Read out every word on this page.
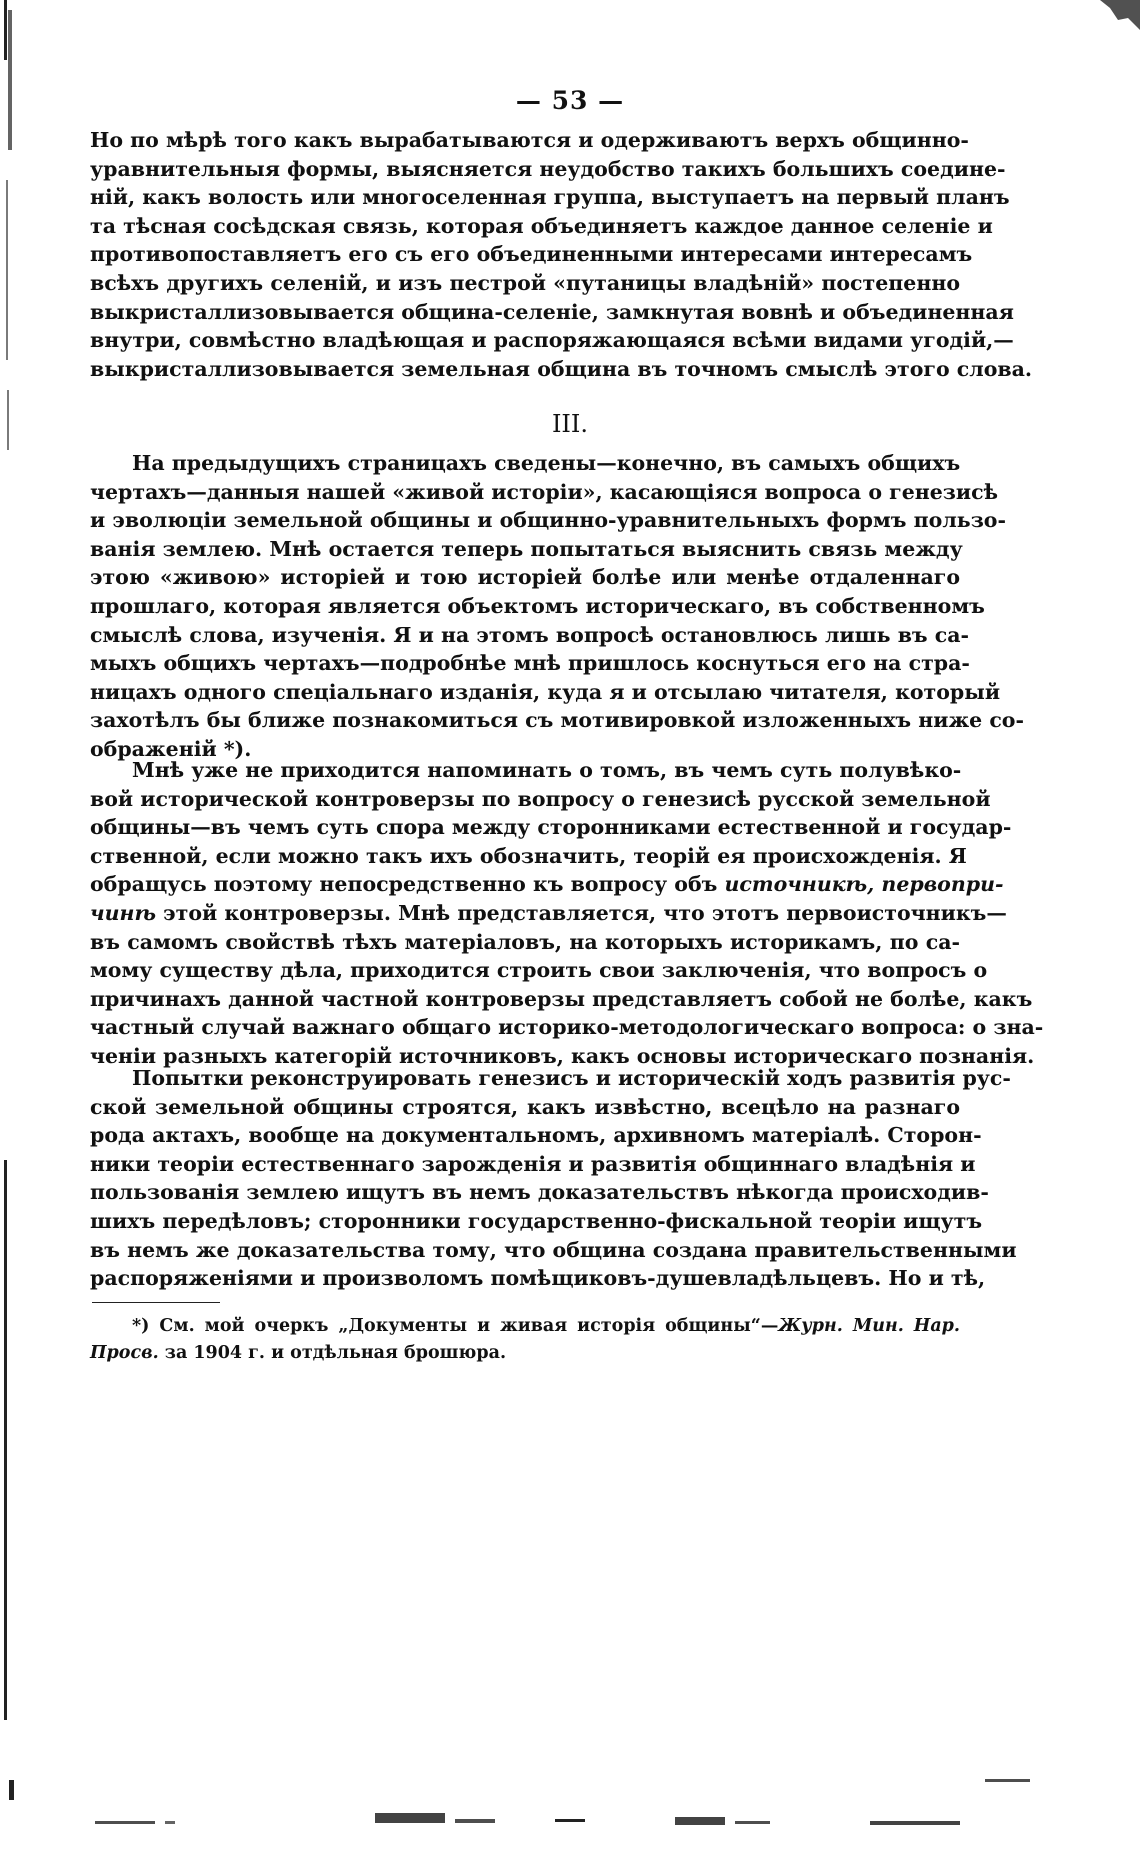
— 53 —
Но по мѣрѣ того какъ вырабатываются и одерживаютъ верхъ общинно-
уравнительныя формы, выясняется неудобство такихъ большихъ соедине-
ній, какъ волость или многоселенная группа, выступаетъ на первый планъ
та тѣсная сосѣдская связь, которая объединяетъ каждое данное селеніе и
противопоставляетъ его съ его объединенными интересами интересамъ
всѣхъ другихъ селеній, и изъ пестрой «путаницы владѣній» постепенно
выкристаллизовывается община-селеніе, замкнутая вовнѣ и объединенная
внутри, совмѣстно владѣющая и распоряжающаяся всѣми видами угодій,—
выкристаллизовывается земельная община въ точномъ смыслѣ этого слова.
III.
На предыдущихъ страницахъ сведены—конечно, въ самыхъ общихъ
чертахъ—данныя нашей «живой исторіи», касающіяся вопроса о генезисѣ
и эволюціи земельной общины и общинно-уравнительныхъ формъ пользо-
ванія землею. Мнѣ остается теперь попытаться выяснить связь между
этою «живою» исторіей и тою исторіей болѣе или менѣе отдаленнаго
прошлаго, которая является объектомъ историческаго, въ собственномъ
смыслѣ слова, изученія. Я и на этомъ вопросѣ остановлюсь лишь въ са-
мыхъ общихъ чертахъ—подробнѣе мнѣ пришлось коснуться его на стра-
ницахъ одного спеціальнаго изданія, куда я и отсылаю читателя, который
захотѣлъ бы ближе познакомиться съ мотивировкой изложенныхъ ниже со-
ображеній *).
Мнѣ уже не приходится напоминать о томъ, въ чемъ суть полувѣко-
вой исторической контроверзы по вопросу о генезисѣ русской земельной
общины—въ чемъ суть спора между сторонниками естественной и государ-
ственной, если можно такъ ихъ обозначить, теорій ея происхожденія. Я
обращусь поэтому непосредственно къ вопросу объ источникѣ, первопри-
чинѣ этой контроверзы. Мнѣ представляется, что этотъ первоисточникъ—
въ самомъ свойствѣ тѣхъ матеріаловъ, на которыхъ историкамъ, по са-
мому существу дѣла, приходится строить свои заключенія, что вопросъ о
причинахъ данной частной контроверзы представляетъ собой не болѣе, какъ
частный случай важнаго общаго историко-методологическаго вопроса: о зна-
ченіи разныхъ категорій источниковъ, какъ основы историческаго познанія.
Попытки реконструировать генезисъ и историческій ходъ развитія рус-
ской земельной общины строятся, какъ извѣстно, всецѣло на разнаго
рода актахъ, вообще на документальномъ, архивномъ матеріалѣ. Сторон-
ники теоріи естественнаго зарожденія и развитія общиннаго владѣнія и
пользованія землею ищутъ въ немъ доказательствъ нѣкогда происходив-
шихъ передѣловъ; сторонники государственно-фискальной теоріи ищутъ
въ немъ же доказательства тому, что община создана правительственными
распоряженіями и произволомъ помѣщиковъ-душевладѣльцевъ. Но и тѣ,
*) См. мой очеркъ „Документы и живая исторія общины“—Журн. Мин. Нар.
Просв. за 1904 г. и отдѣльная брошюра.
